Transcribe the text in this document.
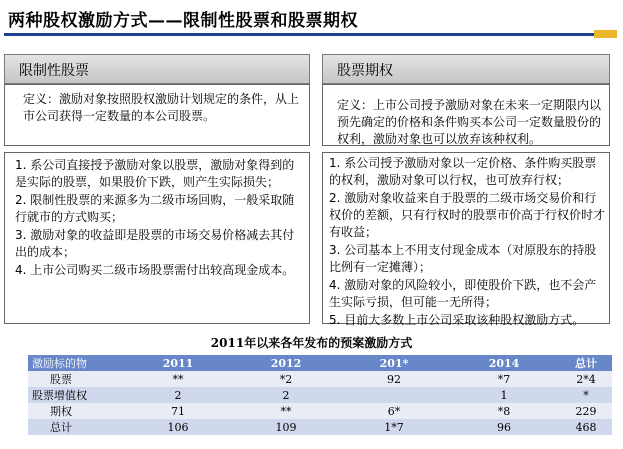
两种股权激励方式——限制性股票和股票期权
限制性股票

定义：激励对象按照股权激励计划规定的条件，从上市公司获得一定数量的本公司股票。

1. 系公司直接授予激励对象以股票，激励对象得到的是实际的股票，如果股价下跌，则产生实际损失；
2. 限制性股票的来源多为二级市场回购，一般采取随行就市的方式购买；
3. 激励对象的收益即是股票的市场交易价格减去其付出的成本；
4. 上市公司购买二级市场股票需付出较高现金成本。
股票期权

定义：上市公司授予激励对象在未来一定期限内以预先确定的价格和条件购买本公司一定数量股份的权利，激励对象也可以放弃该种权利。

1. 系公司授予激励对象以一定价格、条件购买股票的权利，激励对象可以行权，也可放弃行权；
2. 激励对象收益来自于股票的二级市场交易价和行权价的差额，只有行权时的股票市价高于行权价时才有收益；
3. 公司基本上不用支付现金成本（对原股东的持股比例有一定摊薄）；
4. 激励对象的风险较小，即使股价下跌，也不会产生实际亏损，但可能一无所得；
5. 目前大多数上市公司采取该种股权激励方式。
2011年以来各年发布的预案激励方式
激励标的物	2011	2012	201*	2014	总计
股票	**	*2	92	*7	2*4
股票增值权	2	2		1	*
期权	71	**	6*	*8	229
总计	106	109	1*7	96	468
